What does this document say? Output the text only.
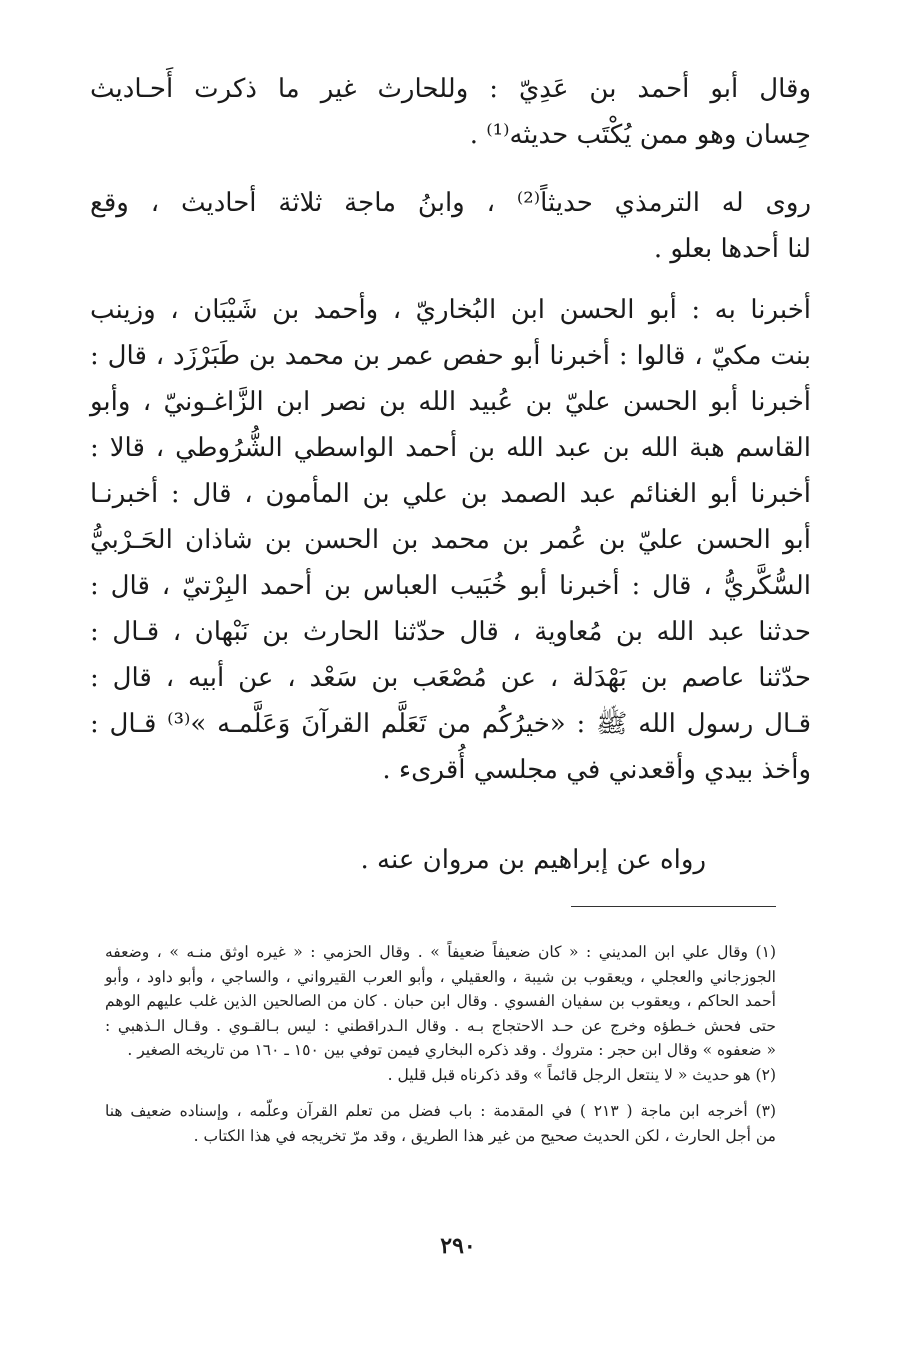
وقال أبو أحمد بن عَدِيّ : وللحارث غير ما ذكرت أَحـاديث
حِسان وهو ممن يُكْتَب حديثه⁽¹⁾ .
روى له الترمذي حديثاً⁽²⁾ ، وابنُ ماجة ثلاثة أحاديث ، وقع
لنا أحدها بعلو .
أخبرنا به : أبو الحسن ابن البُخاريّ ، وأحمد بن شَيْبَان ، وزينب
بنت مكيّ ، قالوا : أخبرنا أبو حفص عمر بن محمد بن طَبَرْزَد ، قال :
أخبرنا أبو الحسن عليّ بن عُبيد الله بن نصر ابن الزَّاغـونيّ ، وأبو
القاسم هبة الله بن عبد الله بن أحمد الواسطي الشُّرُوطي ، قالا :
أخبرنا أبو الغنائم عبد الصمد بن علي بن المأمون ، قال : أخبرنـا
أبو الحسن عليّ بن عُمر بن محمد بن الحسن بن شاذان الحَـرْبيُّ
السُّكَّريُّ ، قال : أخبرنا أبو خُبَيب العباس بن أحمد البِرْتيّ ، قال :
حدثنا عبد الله بن مُعاوية ، قال حدّثنا الحارث بن نَبْهان ، قـال :
حدّثنا عاصم بن بَهْدَلة ، عن مُصْعَب بن سَعْد ، عن أبيه ، قال :
قـال رسول الله ﷺ : «خيرُكُم من تَعَلَّم القرآنَ وَعَلَّمـه »⁽³⁾ قـال :
وأخذ بيدي وأقعدني في مجلسي أُقرىء .
رواه عن إبراهيم بن مروان عنه .
(١) وقال علي ابن المديني : « كان ضعيفاً ضعيفاً » . وقال الحزمي : « غيره اوثق منـه » ، وضعفه
الجوزجاني والعجلي ، ويعقوب بن شيبة ، والعقيلي ، وأبو العرب القيرواني ، والساجي ، وأبو داود ، وأبو
أحمد الحاكم ، ويعقوب بن سفيان الفسوي . وقال ابن حبان . كان من الصالحين الذين غلب عليهم الوهم
حتى فحش خـطؤه وخرج عن حـد الاحتجاج بـه . وقال الـدراقطني : ليس بـالقـوي . وقـال الـذهبي :
« ضعفوه » وقال ابن حجر : متروك . وقد ذكره البخاري فيمن توفي بين ١٥٠ ـ ١٦٠ من تاريخه الصغير .
(٢) هو حديث « لا ينتعل الرجل قائماً » وقد ذكرناه قبل قليل .
(٣) أخرجه ابن ماجة ( ٢١٣ ) في المقدمة : باب فضل من تعلم القرآن وعلّمه ، وإسناده ضعيف هنا
من أجل الحارث ، لكن الحديث صحيح من غير هذا الطريق ، وقد مرّ تخريجه في هذا الكتاب .
٢٩٠
